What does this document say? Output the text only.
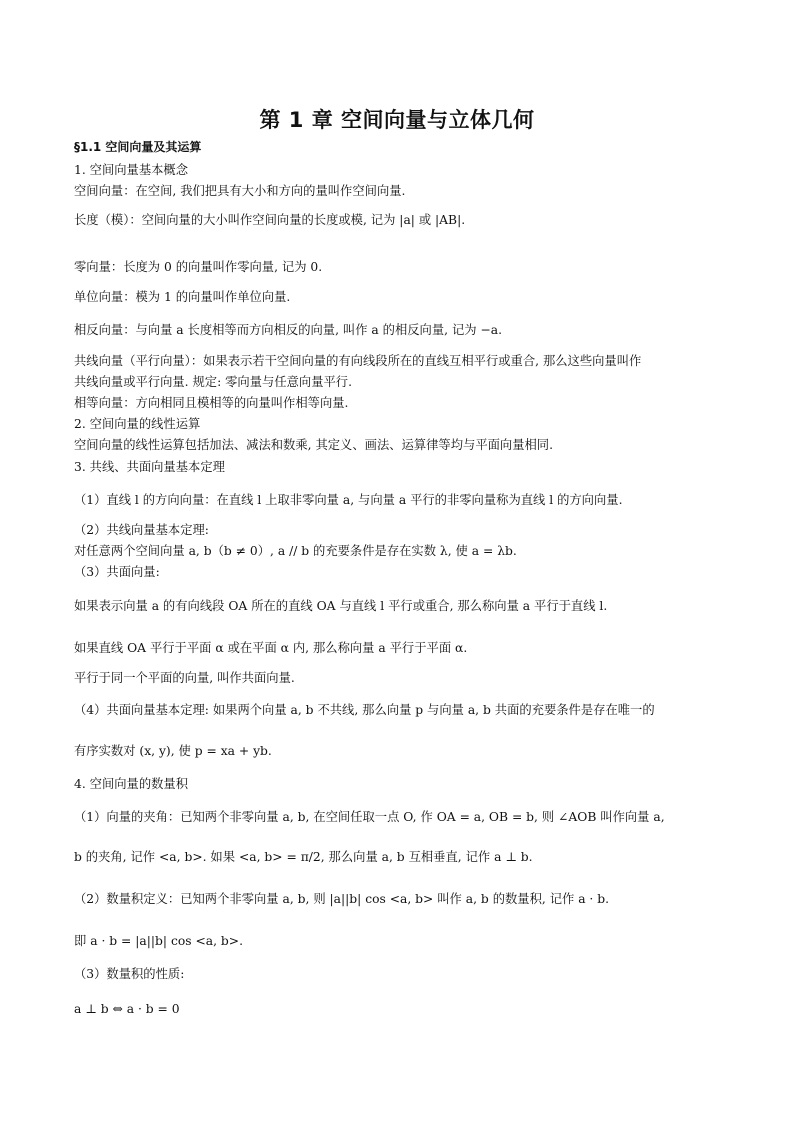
第 1 章 空间向量与立体几何
§1.1 空间向量及其运算
1. 空间向量基本概念
空间向量：在空间, 我们把具有大小和方向的量叫作空间向量.
长度（模）：空间向量的大小叫作空间向量的长度或模, 记为 |a| 或 |AB|.
零向量：长度为 0 的向量叫作零向量, 记为 0.
单位向量：模为 1 的向量叫作单位向量.
相反向量：与向量 a 长度相等而方向相反的向量, 叫作 a 的相反向量, 记为 −a.
共线向量（平行向量）：如果表示若干空间向量的有向线段所在的直线互相平行或重合, 那么这些向量叫作
共线向量或平行向量. 规定: 零向量与任意向量平行.
相等向量：方向相同且模相等的向量叫作相等向量.
2. 空间向量的线性运算
空间向量的线性运算包括加法、减法和数乘, 其定义、画法、运算律等均与平面向量相同.
3. 共线、共面向量基本定理
（1）直线 l 的方向向量：在直线 l 上取非零向量 a, 与向量 a 平行的非零向量称为直线 l 的方向向量.
（2）共线向量基本定理:
对任意两个空间向量 a, b（b ≠ 0）, a // b 的充要条件是存在实数 λ, 使 a = λb.
（3）共面向量:
如果表示向量 a 的有向线段 OA 所在的直线 OA 与直线 l 平行或重合, 那么称向量 a 平行于直线 l.
如果直线 OA 平行于平面 α 或在平面 α 内, 那么称向量 a 平行于平面 α.
平行于同一个平面的向量, 叫作共面向量.
（4）共面向量基本定理: 如果两个向量 a, b 不共线, 那么向量 p 与向量 a, b 共面的充要条件是存在唯一的
有序实数对 (x, y), 使 p = xa + yb.
4. 空间向量的数量积
（1）向量的夹角：已知两个非零向量 a, b, 在空间任取一点 O, 作 OA = a, OB = b, 则 ∠AOB 叫作向量 a,
b 的夹角, 记作 <a, b>. 如果 <a, b> = π/2, 那么向量 a, b 互相垂直, 记作 a ⊥ b.
（2）数量积定义：已知两个非零向量 a, b, 则 |a||b| cos <a, b> 叫作 a, b 的数量积, 记作 a · b.
即 a · b = |a||b| cos <a, b>.
（3）数量积的性质:
a ⊥ b ⇔ a · b = 0
